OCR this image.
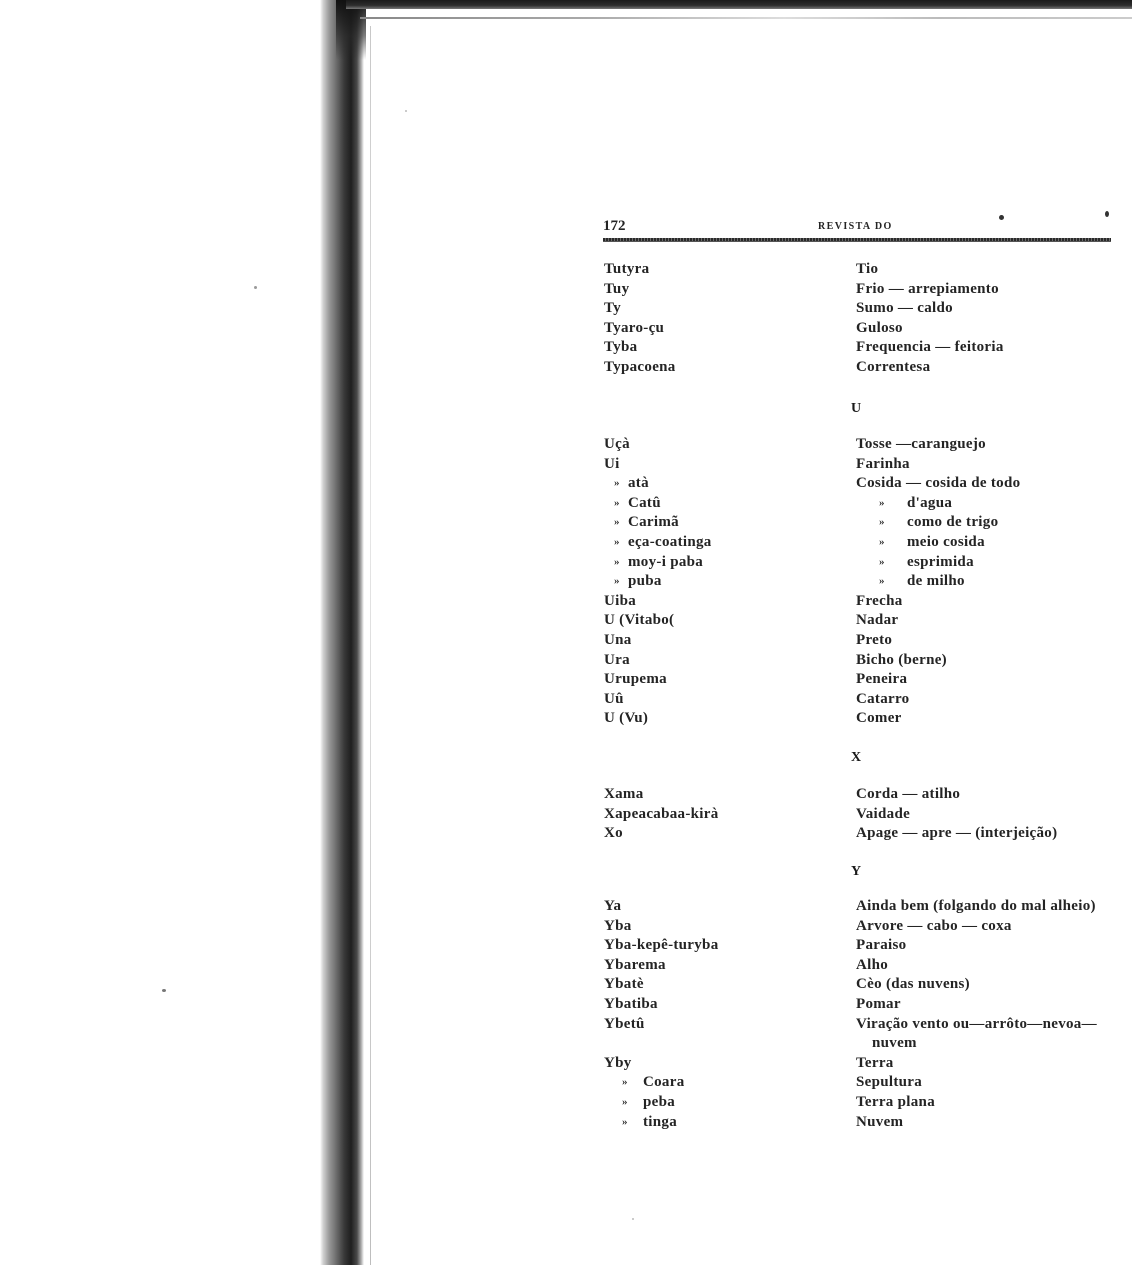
172	REVISTA DO
Tutyra	Tio
Tuy	Frio — arrepiamento
Ty	Sumo — caldo
Tyaro-çu	Guloso
Tyba	Frequencia — feitoria
Typacoena	Correntesa
U
Uçà	Tosse —caranguejo
Ui	Farinha
» atà	Cosida — cosida de todo
» Catû	» d'agua
» Carimã	» como de trigo
» eça-coatinga	» meio cosida
» moy-i paba	» esprimida
» puba	» de milho
Uiba	Frecha
U (Vitabo(	Nadar
Una	Preto
Ura	Bicho (berne)
Urupema	Peneira
Uû	Catarro
U (Vu)	Comer
X
Xama	Corda — atilho
Xapeacabaa-kirà	Vaidade
Xo	Apage — apre — (interjeição)
Y
Ya	Ainda bem (folgando do mal alheio)
Yba	Arvore — cabo — coxa
Yba-kepê-turyba	Paraiso
Ybarema	Alho
Ybatè	Cèo (das nuvens)
Ybatiba	Pomar
Ybetû	Viração vento ou—arrôto—nevoa—
nuvem
Yby	Terra
» Coara	Sepultura
» peba	Terra plana
» tinga	Nuvem
